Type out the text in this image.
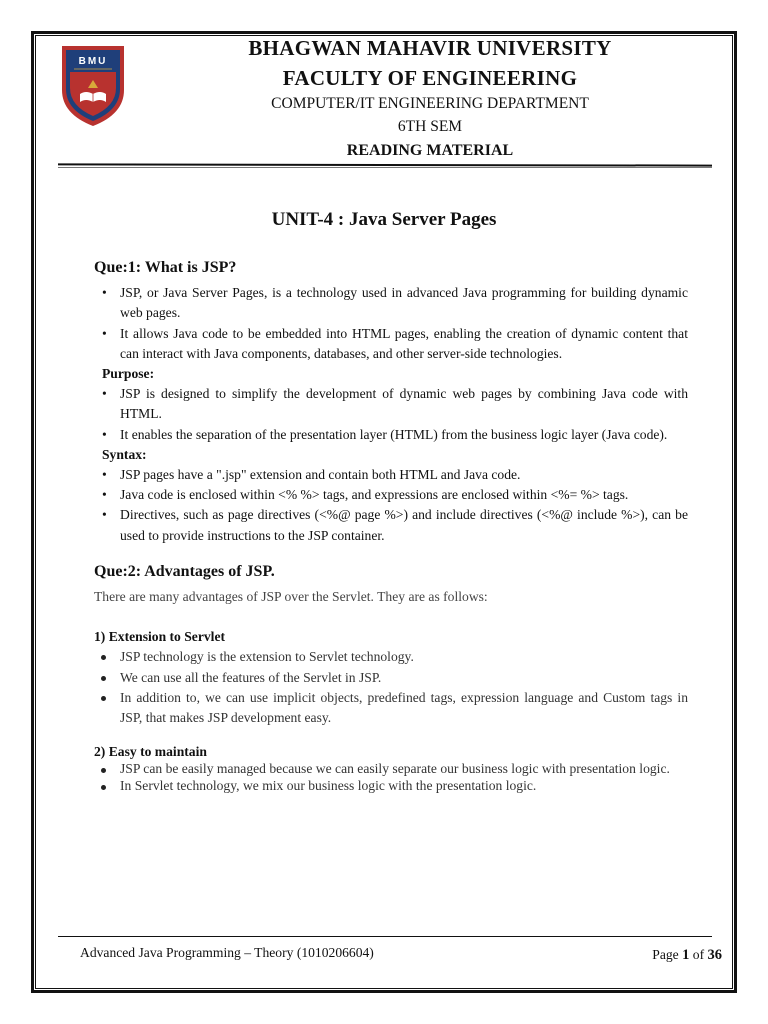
BMU
BHAGWAN MAHAVIR UNIVERSITY
FACULTY OF ENGINEERING
COMPUTER/IT ENGINEERING DEPARTMENT
6TH SEM
READING MATERIAL
UNIT-4 : Java Server Pages
Que:1: What is JSP?
• JSP, or Java Server Pages, is a technology used in advanced Java programming for building dynamic web pages.
• It allows Java code to be embedded into HTML pages, enabling the creation of dynamic content that can interact with Java components, databases, and other server-side technologies.
Purpose:
• JSP is designed to simplify the development of dynamic web pages by combining Java code with HTML.
• It enables the separation of the presentation layer (HTML) from the business logic layer (Java code).
Syntax:
• JSP pages have a ".jsp" extension and contain both HTML and Java code.
• Java code is enclosed within <% %> tags, and expressions are enclosed within <%= %> tags.
• Directives, such as page directives (<%@ page %>) and include directives (<%@ include %>), can be used to provide instructions to the JSP container.
Que:2: Advantages of JSP.
There are many advantages of JSP over the Servlet. They are as follows:
1) Extension to Servlet
JSP technology is the extension to Servlet technology.
We can use all the features of the Servlet in JSP.
In addition to, we can use implicit objects, predefined tags, expression language and Custom tags in JSP, that makes JSP development easy.
2) Easy to maintain
JSP can be easily managed because we can easily separate our business logic with presentation logic.
In Servlet technology, we mix our business logic with the presentation logic.
Advanced Java Programming – Theory (1010206604)	Page 1 of 36
